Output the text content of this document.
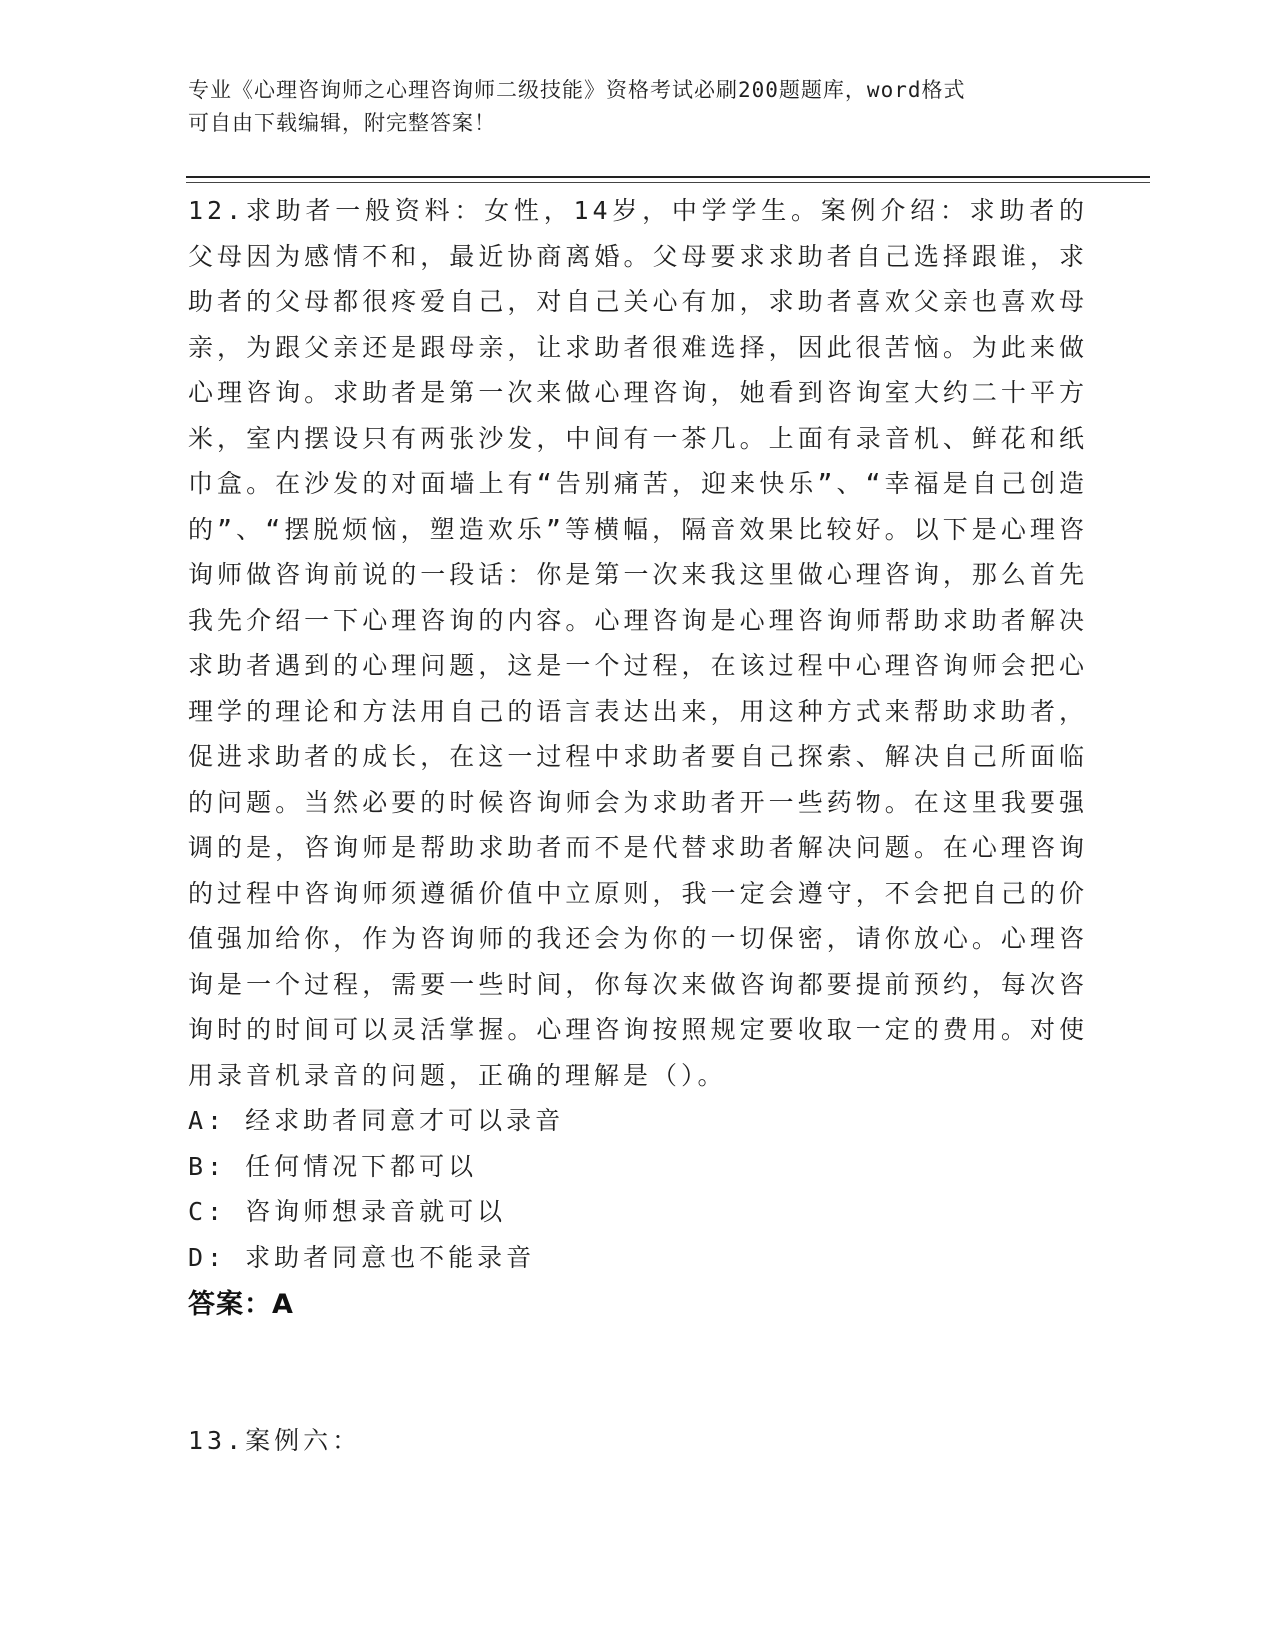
专业《心理咨询师之心理咨询师二级技能》资格考试必刷200题题库，word格式
可自由下载编辑，附完整答案！

12.求助者一般资料：女性，14岁，中学学生。案例介绍：求助者的父母因为感情不和，最近协商离婚。父母要求求助者自己选择跟谁，求助者的父母都很疼爱自己，对自己关心有加，求助者喜欢父亲也喜欢母亲，为跟父亲还是跟母亲，让求助者很难选择，因此很苦恼。为此来做心理咨询。求助者是第一次来做心理咨询，她看到咨询室大约二十平方米，室内摆设只有两张沙发，中间有一茶几。上面有录音机、鲜花和纸巾盒。在沙发的对面墙上有“告别痛苦，迎来快乐”、“幸福是自己创造的”、“摆脱烦恼，塑造欢乐”等横幅，隔音效果比较好。以下是心理咨询师做咨询前说的一段话：你是第一次来我这里做心理咨询，那么首先我先介绍一下心理咨询的内容。心理咨询是心理咨询师帮助求助者解决求助者遇到的心理问题，这是一个过程，在该过程中心理咨询师会把心理学的理论和方法用自己的语言表达出来，用这种方式来帮助求助者，促进求助者的成长，在这一过程中求助者要自己探索、解决自己所面临的问题。当然必要的时候咨询师会为求助者开一些药物。在这里我要强调的是，咨询师是帮助求助者而不是代替求助者解决问题。在心理咨询的过程中咨询师须遵循价值中立原则，我一定会遵守，不会把自己的价值强加给你，作为咨询师的我还会为你的一切保密，请你放心。心理咨询是一个过程，需要一些时间，你每次来做咨询都要提前预约，每次咨询时的时间可以灵活掌握。心理咨询按照规定要收取一定的费用。对使用录音机录音的问题，正确的理解是（）。

A: 经求助者同意才可以录音
B: 任何情况下都可以
C: 咨询师想录音就可以
D: 求助者同意也不能录音
答案：A
13.案例六：
